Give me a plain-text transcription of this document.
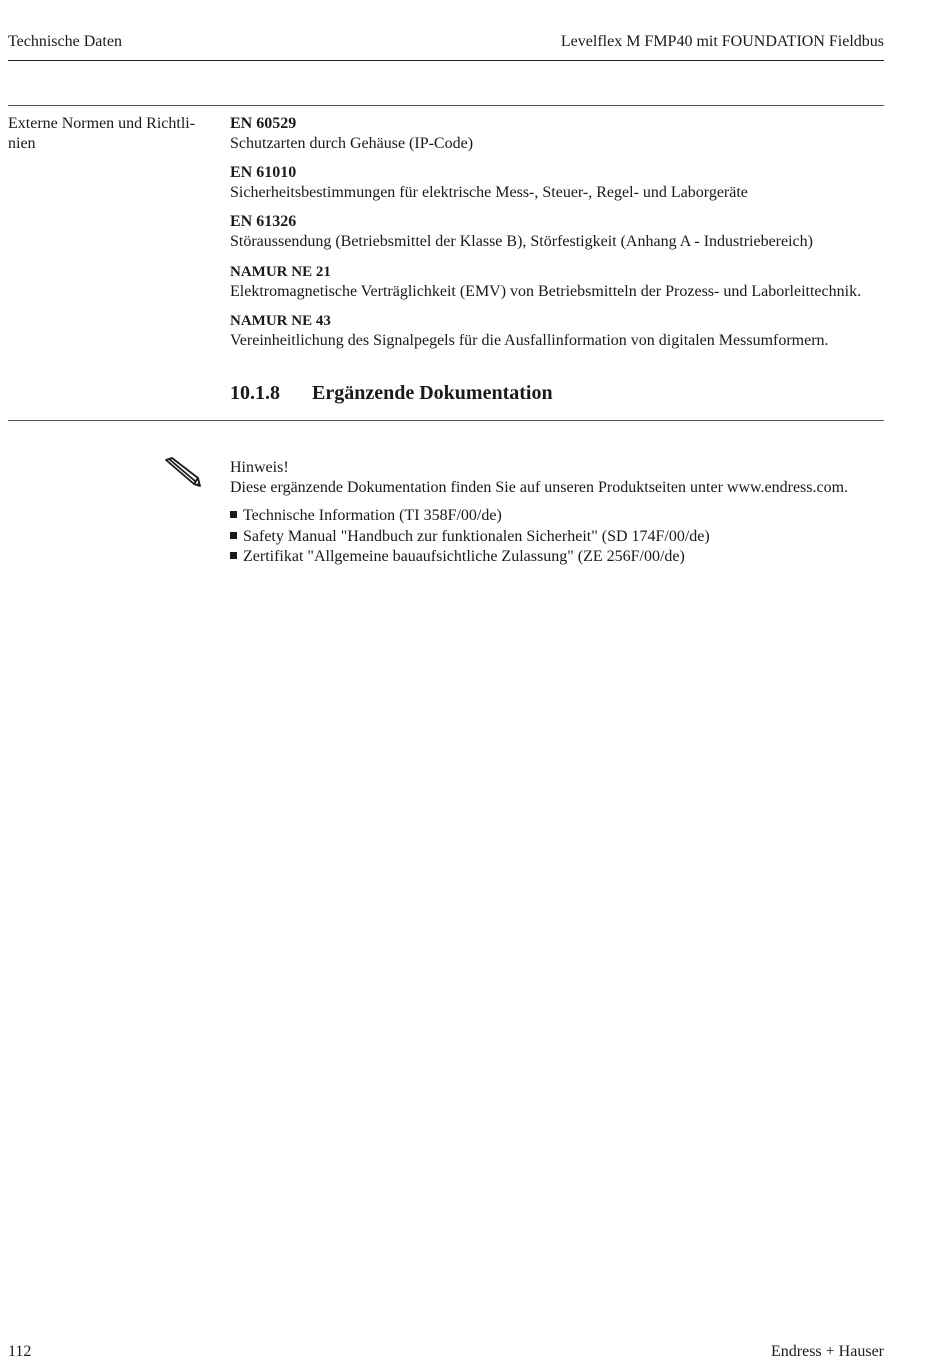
Technische Daten	Levelflex M FMP40 mit FOUNDATION Fieldbus
Externe Normen und Richtli-
nien
EN 60529
Schutzarten durch Gehäuse (IP-Code)
EN 61010
Sicherheitsbestimmungen für elektrische Mess-, Steuer-, Regel- und Laborgeräte
EN 61326
Störaussendung (Betriebsmittel der Klasse B), Störfestigkeit (Anhang A - Industriebereich)
NAMUR NE 21
Elektromagnetische Verträglichkeit (EMV) von Betriebsmitteln der Prozess- und Laborleittechnik.
NAMUR NE 43
Vereinheitlichung des Signalpegels für die Ausfallinformation von digitalen Messumformern.
10.1.8 Ergänzende Dokumentation
Hinweis!
Diese ergänzende Dokumentation finden Sie auf unseren Produktseiten unter www.endress.com.
Technische Information (TI 358F/00/de)
Safety Manual "Handbuch zur funktionalen Sicherheit" (SD 174F/00/de)
Zertifikat "Allgemeine bauaufsichtliche Zulassung" (ZE 256F/00/de)
112	Endress + Hauser
